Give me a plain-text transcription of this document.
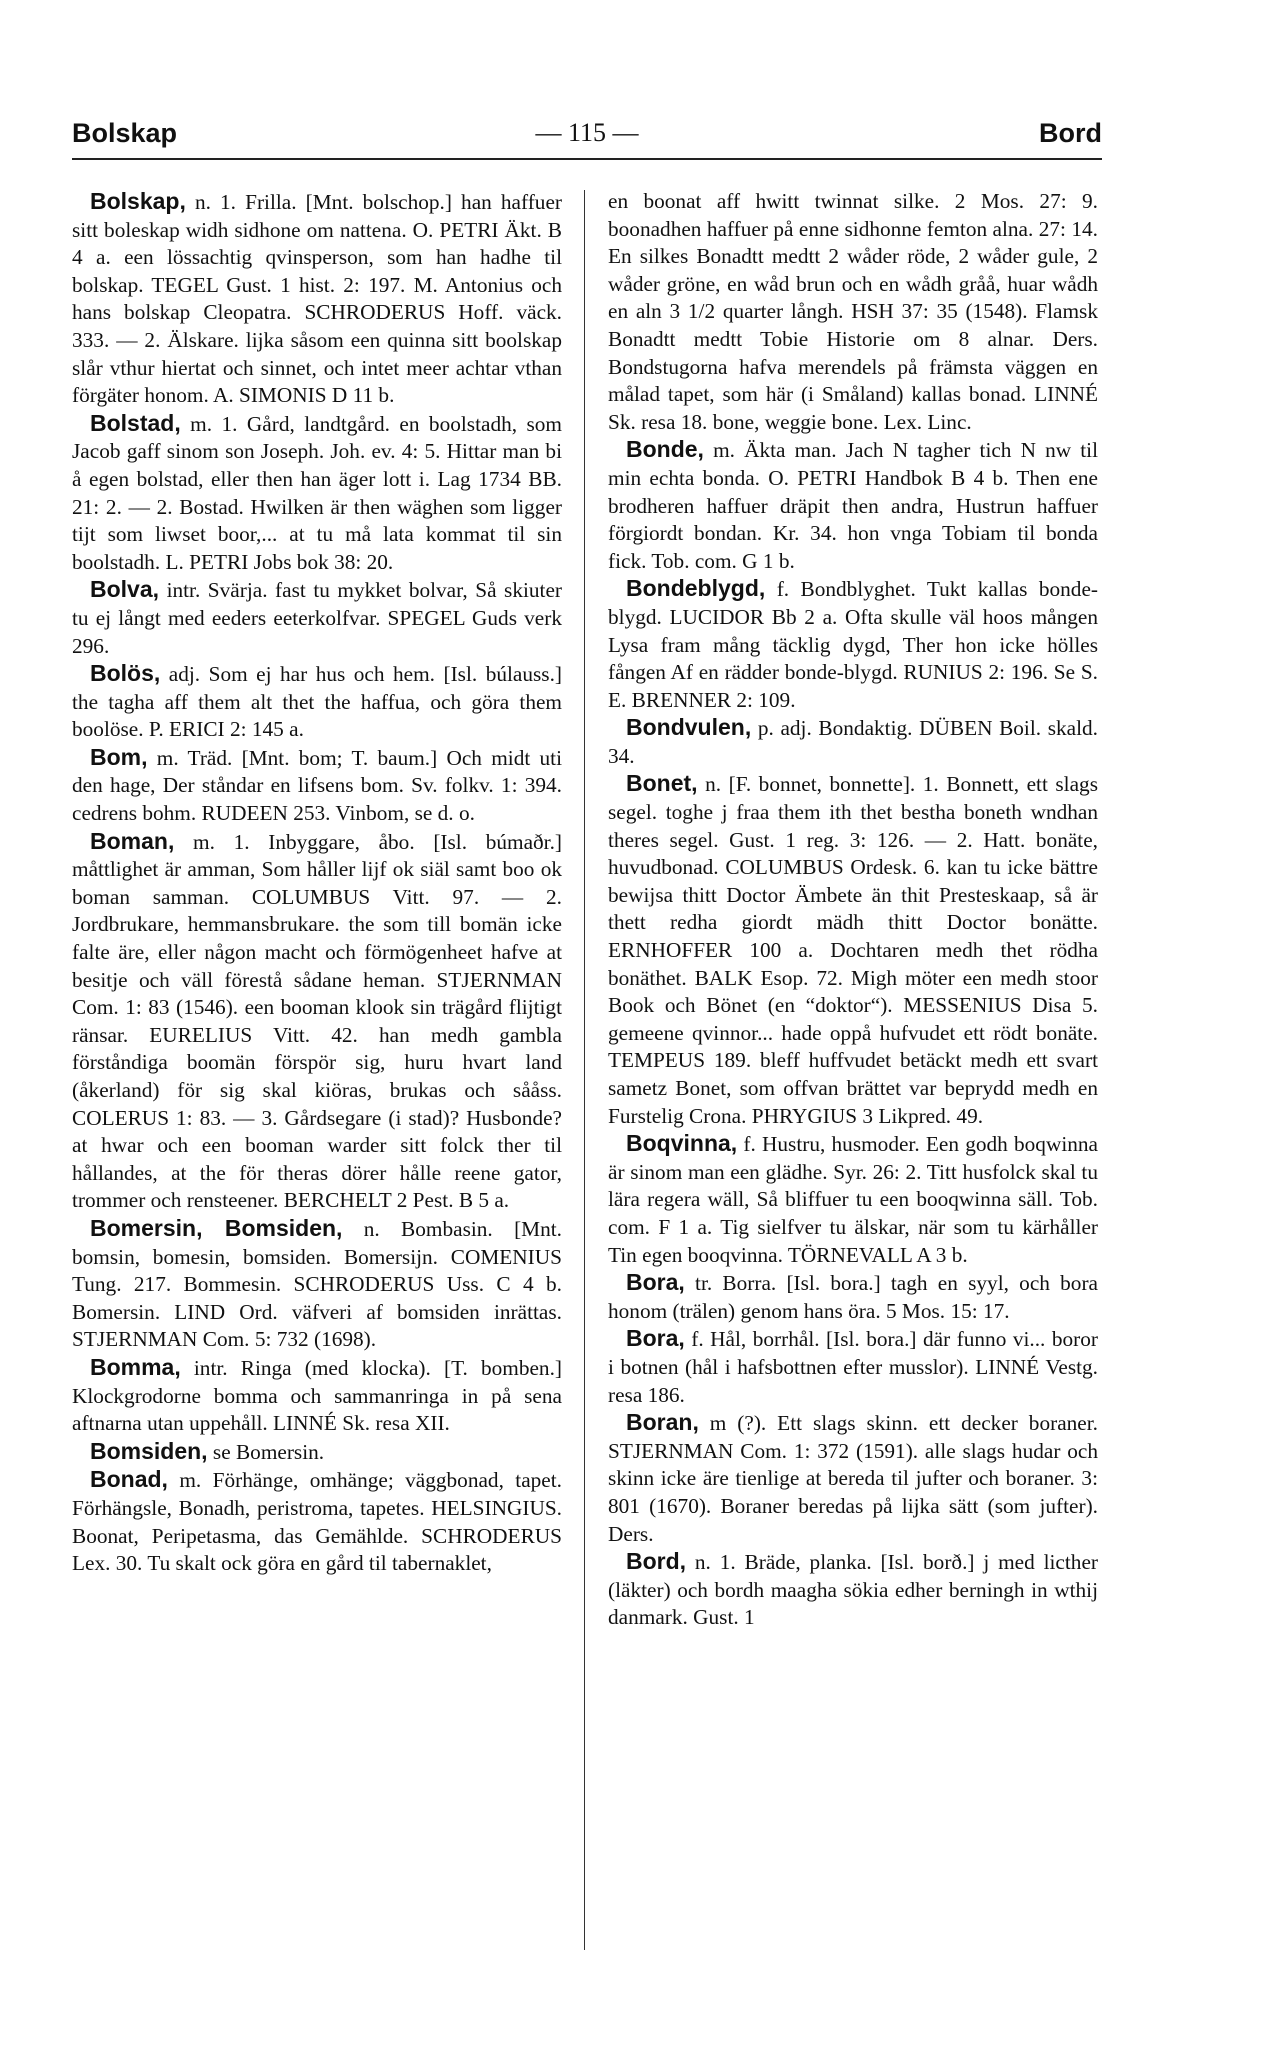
Bolskap	— 115 —	Bord

Bolskap, n. 1. Frilla. [Mnt. bolschop.] han haffuer sitt boleskap widh sidhone om nattena. O. PETRI Äkt. B 4 a. een lössachtig qvinsperson, som han hadhe til bolskap. TEGEL Gust. 1 hist. 2: 197. M. Antonius och hans bolskap Cleopatra. SCHRODERUS Hoff. väck. 333. — 2. Älskare. lijka såsom een quinna sitt boolskap slår vthur hiertat och sinnet, och intet meer achtar vthan förgäter honom. A. SIMONIS D 11 b.

Bolstad, m. 1. Gård, landtgård. en boolstadh, som Jacob gaff sinom son Joseph. Joh. ev. 4: 5. Hittar man bi å egen bolstad, eller then han äger lott i. Lag 1734 BB. 21: 2. — 2. Bostad. Hwilken är then wäghen som ligger tijt som liwset boor,... at tu må lata kommat til sin boolstadh. L. PETRI Jobs bok 38: 20.

Bolva, intr. Svärja. fast tu mykket bolvar, Så skiuter tu ej långt med eeders eeterkolfvar. SPEGEL Guds verk 296.

Bolös, adj. Som ej har hus och hem. [Isl. búlauss.] the tagha aff them alt thet the haffua, och göra them boolöse. P. ERICI 2: 145 a.

Bom, m. Träd. [Mnt. bom; T. baum.] Och midt uti den hage, Der ståndar en lifsens bom. Sv. folkv. 1: 394. cedrens bohm. RUDEEN 253. Vinbom, se d. o.

Boman, m. 1. Inbyggare, åbo. [Isl. búmaðr.] måttlighet är amman, Som håller lijf ok siäl samt boo ok boman samman. COLUMBUS Vitt. 97. — 2. Jordbrukare, hemmansbrukare. the som till bomän icke falte äre, eller någon macht och förmögenheet hafve at besitje och väll förestå sådane heman. STJERNMAN Com. 1: 83 (1546). een booman klook sin trägård flijtigt ränsar. EURELIUS Vitt. 42. han medh gambla förståndiga boomän förspör sig, huru hvart land (åkerland) för sig skal kiöras, brukas och sååss. COLERUS 1: 83. — 3. Gårdsegare (i stad)? Husbonde? at hwar och een booman warder sitt folck ther til hållandes, at the för theras dörer hålle reene gator, trommer och rensteener. BERCHELT 2 Pest. B 5 a.

Bomersin, Bomsiden, n. Bombasin. [Mnt. bomsin, bomesin, bomsiden. Bomersijn. COMENIUS Tung. 217. Bommesin. SCHRODERUS Uss. C 4 b. Bomersin. LIND Ord. väfveri af bomsiden inrättas. STJERNMAN Com. 5: 732 (1698).

Bomma, intr. Ringa (med klocka). [T. bomben.] Klockgrodorne bomma och sammanringa in på sena aftnarna utan uppehåll. LINNÉ Sk. resa XII.

Bomsiden, se Bomersin.

Bonad, m. Förhänge, omhänge; väggbonad, tapet. Förhängsle, Bonadh, peristroma, tapetes. HELSINGIUS. Boonat, Peripetasma, das Gemählde. SCHRODERUS Lex. 30. Tu skalt ock göra en gård til tabernaklet,

en boonat aff hwitt twinnat silke. 2 Mos. 27: 9. boonadhen haffuer på enne sidhonne femton alna. 27: 14. En silkes Bonadtt medtt 2 wåder röde, 2 wåder gule, 2 wåder gröne, en wåd brun och en wådh gråå, huar wådh en aln 3 1/2 quarter långh. HSH 37: 35 (1548). Flamsk Bonadtt medtt Tobie Historie om 8 alnar. Ders. Bondstugorna hafva merendels på främsta väggen en målad tapet, som här (i Småland) kallas bonad. LINNÉ Sk. resa 18. bone, weggie bone. Lex. Linc.

Bonde, m. Äkta man. Jach N tagher tich N nw til min echta bonda. O. PETRI Handbok B 4 b. Then ene brodheren haffuer dräpit then andra, Hustrun haffuer förgiordt bondan. Kr. 34. hon vnga Tobiam til bonda fick. Tob. com. G 1 b.

Bondeblygd, f. Bondblyghet. Tukt kallas bonde-blygd. LUCIDOR Bb 2 a. Ofta skulle väl hoos mången Lysa fram mång täcklig dygd, Ther hon icke hölles fången Af en rädder bonde-blygd. RUNIUS 2: 196. Se S. E. BRENNER 2: 109.

Bondvulen, p. adj. Bondaktig. DÜBEN Boil. skald. 34.

Bonet, n. [F. bonnet, bonnette]. 1. Bonnett, ett slags segel. toghe j fraa them ith thet bestha boneth wndhan theres segel. Gust. 1 reg. 3: 126. — 2. Hatt. bonäte, huvudbonad. COLUMBUS Ordesk. 6. kan tu icke bättre bewijsa thitt Doctor Ämbete än thit Presteskaap, så är thett redha giordt mädh thitt Doctor bonätte. ERNHOFFER 100 a. Dochtaren medh thet rödha bonäthet. BALK Esop. 72. Migh möter een medh stoor Book och Bönet (en “doktor“). MESSENIUS Disa 5. gemeene qvinnor... hade oppå hufvudet ett rödt bonäte. TEMPEUS 189. bleff huffvudet betäckt medh ett svart sametz Bonet, som offvan brättet var beprydd medh en Furstelig Crona. PHRYGIUS 3 Likpred. 49.

Boqvinna, f. Hustru, husmoder. Een godh boqwinna är sinom man een glädhe. Syr. 26: 2. Titt husfolck skal tu lära regera wäll, Så bliffuer tu een booqwinna säll. Tob. com. F 1 a. Tig sielfver tu älskar, när som tu kärhåller Tin egen booqvinna. TÖRNEVALL A 3 b.

Bora, tr. Borra. [Isl. bora.] tagh en syyl, och bora honom (trälen) genom hans öra. 5 Mos. 15: 17.

Bora, f. Hål, borrhål. [Isl. bora.] där funno vi... boror i botnen (hål i hafsbottnen efter musslor). LINNÉ Vestg. resa 186.

Boran, m (?). Ett slags skinn. ett decker boraner. STJERNMAN Com. 1: 372 (1591). alle slags hudar och skinn icke äre tienlige at bereda til jufter och boraner. 3: 801 (1670). Boraner beredas på lijka sätt (som jufter). Ders.

Bord, n. 1. Bräde, planka. [Isl. borð.] j med licther (läkter) och bordh maagha sökia edher berningh in wthij danmark. Gust. 1
